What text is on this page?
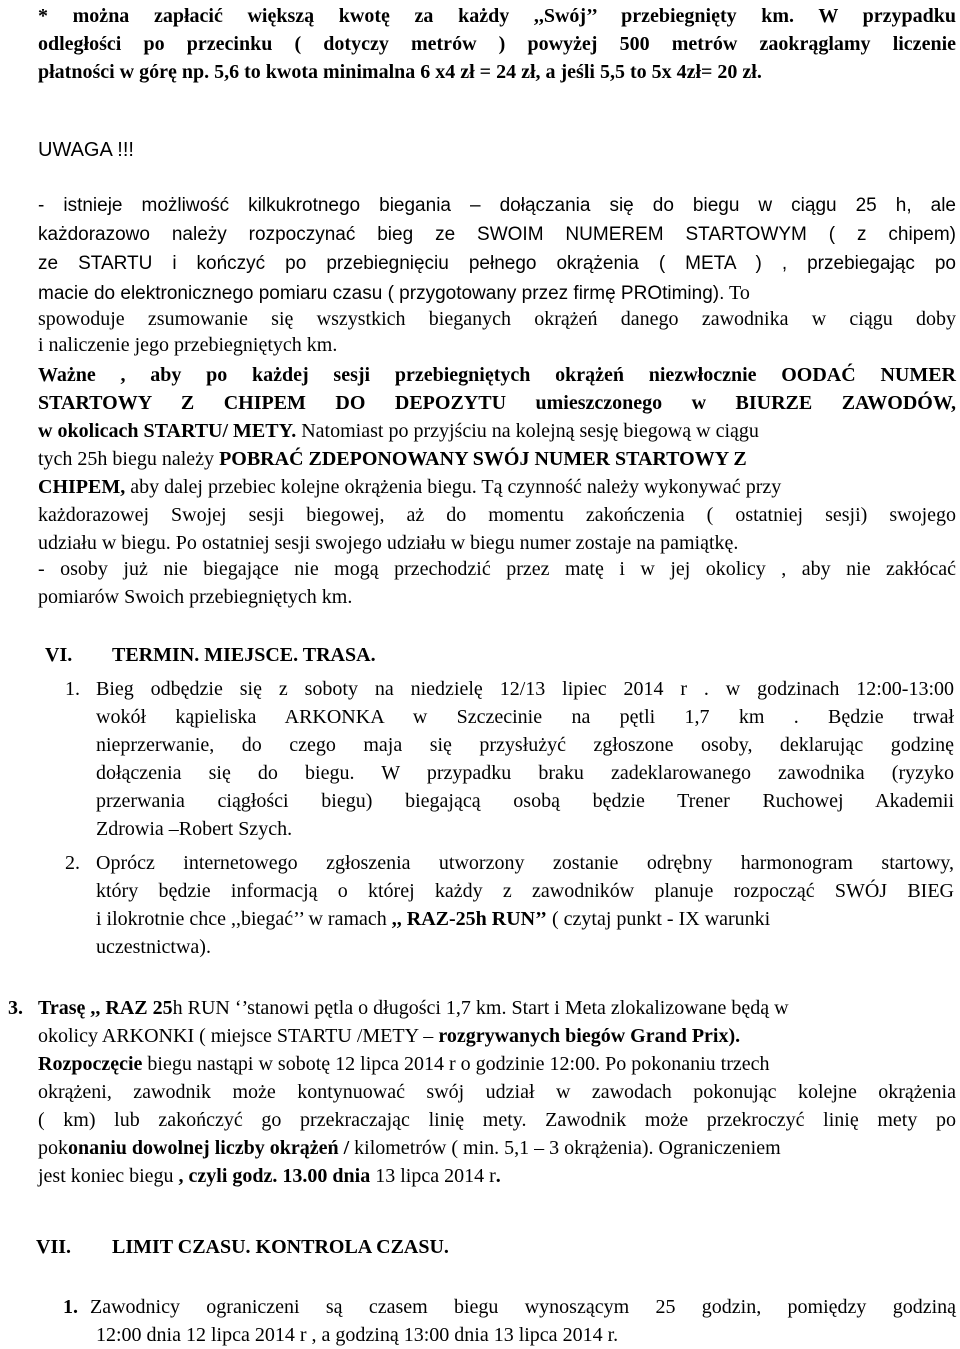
* można zapłacić większą kwotę za każdy ,,Swój’’ przebiegnięty km. W przypadku
odległości po przecinku ( dotyczy metrów ) powyżej 500 metrów zaokrąglamy liczenie
płatności w górę np. 5,6 to kwota minimalna 6 x4 zł = 24 zł, a jeśli 5,5 to 5x 4zł= 20 zł.
UWAGA !!!
- istnieje możliwość kilkukrotnego biegania – dołączania się do biegu w ciągu 25 h, ale
każdorazowo należy rozpoczynać bieg ze SWOIM NUMEREM STARTOWYM ( z chipem)
ze STARTU i kończyć po przebiegnięciu pełnego okrążenia ( META ) , przebiegając po
macie do elektronicznego pomiaru czasu ( przygotowany przez firmę PROtiming). To
spowoduje zsumowanie się wszystkich bieganych okrążeń danego zawodnika w ciągu doby
i naliczenie jego przebiegniętych km.
Ważne , aby po każdej sesji przebiegniętych okrążeń niezwłocznie OODAĆ NUMER
STARTOWY Z CHIPEM DO DEPOZYTU umieszczonego w BIURZE ZAWODÓW,
w okolicach STARTU/ METY. Natomiast po przyjściu na kolejną sesję biegową w ciągu
tych 25h biegu należy POBRAĆ ZDEPONOWANY SWÓJ NUMER STARTOWY Z
CHIPEM, aby dalej przebiec kolejne okrążenia biegu. Tą czynność należy wykonywać przy
każdorazowej Swojej sesji biegowej, aż do momentu zakończenia ( ostatniej sesji) swojego
udziału w biegu. Po ostatniej sesji swojego udziału w biegu numer zostaje na pamiątkę.
- osoby już nie biegające nie mogą przechodzić przez matę i w jej okolicy , aby nie zakłócać
pomiarów Swoich przebiegniętych km.
VI. TERMIN. MIEJSCE. TRASA.
1. Bieg odbędzie się z soboty na niedzielę 12/13 lipiec 2014 r . w godzinach 12:00-13:00
wokół kąpieliska ARKONKA w Szczecinie na pętli 1,7 km . Będzie trwał
nieprzerwanie, do czego maja się przysłużyć zgłoszone osoby, deklarując godzinę
dołączenia się do biegu. W przypadku braku zadeklarowanego zawodnika (ryzyko
przerwania ciągłości biegu) biegającą osobą będzie Trener Ruchowej Akademii
Zdrowia –Robert Szych.
2. Oprócz internetowego zgłoszenia utworzony zostanie odrębny harmonogram startowy,
który będzie informacją o której każdy z zawodników planuje rozpocząć SWÓJ BIEG
i ilokrotnie chce ,,biegać’’ w ramach ,, RAZ-25h RUN’’ ( czytaj punkt - IX warunki
uczestnictwa).
3. Trasę ,, RAZ 25h RUN ‘’stanowi pętla o długości 1,7 km. Start i Meta zlokalizowane będą w
okolicy ARKONKI ( miejsce STARTU /METY – rozgrywanych biegów Grand Prix).
Rozpoczęcie biegu nastąpi w sobotę 12 lipca 2014 r o godzinie 12:00. Po pokonaniu trzech
okrążeni, zawodnik może kontynuować swój udział w zawodach pokonując kolejne okrążenia
( km) lub zakończyć go przekraczając linię mety. Zawodnik może przekroczyć linię mety po
pokonaniu dowolnej liczby okrążeń / kilometrów ( min. 5,1 – 3 okrążenia). Ograniczeniem
jest koniec biegu , czyli godz. 13.00 dnia 13 lipca 2014 r.
VII. LIMIT CZASU. KONTROLA CZASU.
1. Zawodnicy ograniczeni są czasem biegu wynoszącym 25 godzin, pomiędzy godziną
12:00 dnia 12 lipca 2014 r , a godziną 13:00 dnia 13 lipca 2014 r.
